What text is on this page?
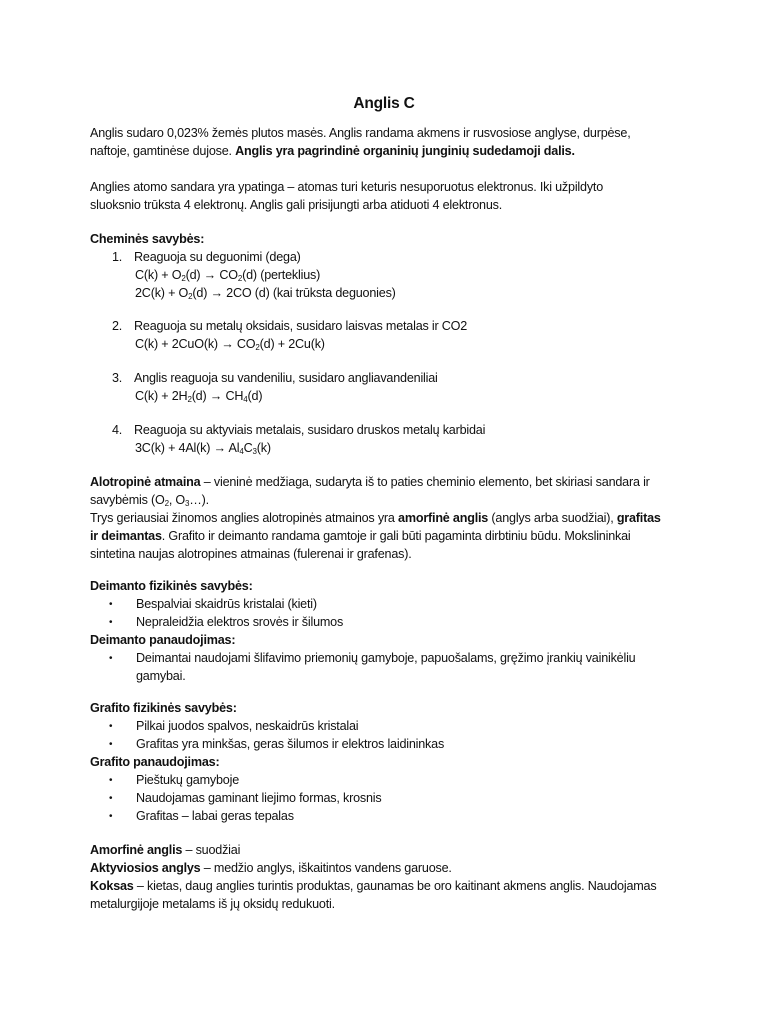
Anglis C
Anglis sudaro 0,023% žemės plutos masės. Anglis randama akmens ir rusvosiose anglyse, durpėse,
naftoje, gamtinėse dujose. Anglis yra pagrindinė organinių junginių sudedamoji dalis.
Anglies atomo sandara yra ypatinga – atomas turi keturis nesuporuotus elektronus. Iki užpildyto
sluoksnio trūksta 4 elektronų. Anglis gali prisijungti arba atiduoti 4 elektronus.
Cheminės savybės:
1. Reaguoja su deguonimi (dega)
$C(k) + O_2(d) \to CO_2(d)$ (perteklius)
$2C(k) + O_2(d) \to 2CO$ (d) (kai trūksta deguonies)
2. Reaguoja su metalų oksidais, susidaro laisvas metalas ir CO2
$C(k) + 2CuO(k) \to CO_2(d) + 2Cu(k)$
3. Anglis reaguoja su vandeniliu, susidaro angliavandeniliai
$C(k) + 2H_2(d) \to CH_4(d)$
4. Reaguoja su aktyviais metalais, susidaro druskos metalų karbidai
$3C(k) + 4Al(k) \to Al_4C_3(k)$
Alotropinė atmaina – vieninė medžiaga, sudaryta iš to paties cheminio elemento, bet skiriasi sandara ir
savybėmis ($O_2$, $O_3\dots$).
Trys geriausiai žinomos anglies alotropinės atmainos yra amorfinė anglis (anglys arba suodžiai), grafitas
ir deimantas. Grafito ir deimanto randama gamtoje ir gali būti pagaminta dirbtiniu būdu. Mokslininkai
sintetina naujas alotropines atmainas (fulerenai ir grafenas).
Deimanto fizikinės savybės:
• Bespalviai skaidrūs kristalai (kieti)
• Nepraleidžia elektros srovės ir šilumos
Deimanto panaudojimas:
• Deimantai naudojami šlifavimo priemonių gamyboje, papuošalams, gręžimo įrankių vainikėliu
gamybai.
Grafito fizikinės savybės:
• Pilkai juodos spalvos, neskaidrūs kristalai
• Grafitas yra minkšas, geras šilumos ir elektros laidininkas
Grafito panaudojimas:
• Pieštukų gamyboje
• Naudojamas gaminant liejimo formas, krosnis
• Grafitas – labai geras tepalas
Amorfinė anglis – suodžiai
Aktyviosios anglys – medžio anglys, iškaitintos vandens garuose.
Koksas – kietas, daug anglies turintis produktas, gaunamas be oro kaitinant akmens anglis. Naudojamas
metalurgijoje metalams iš jų oksidų redukuoti.
